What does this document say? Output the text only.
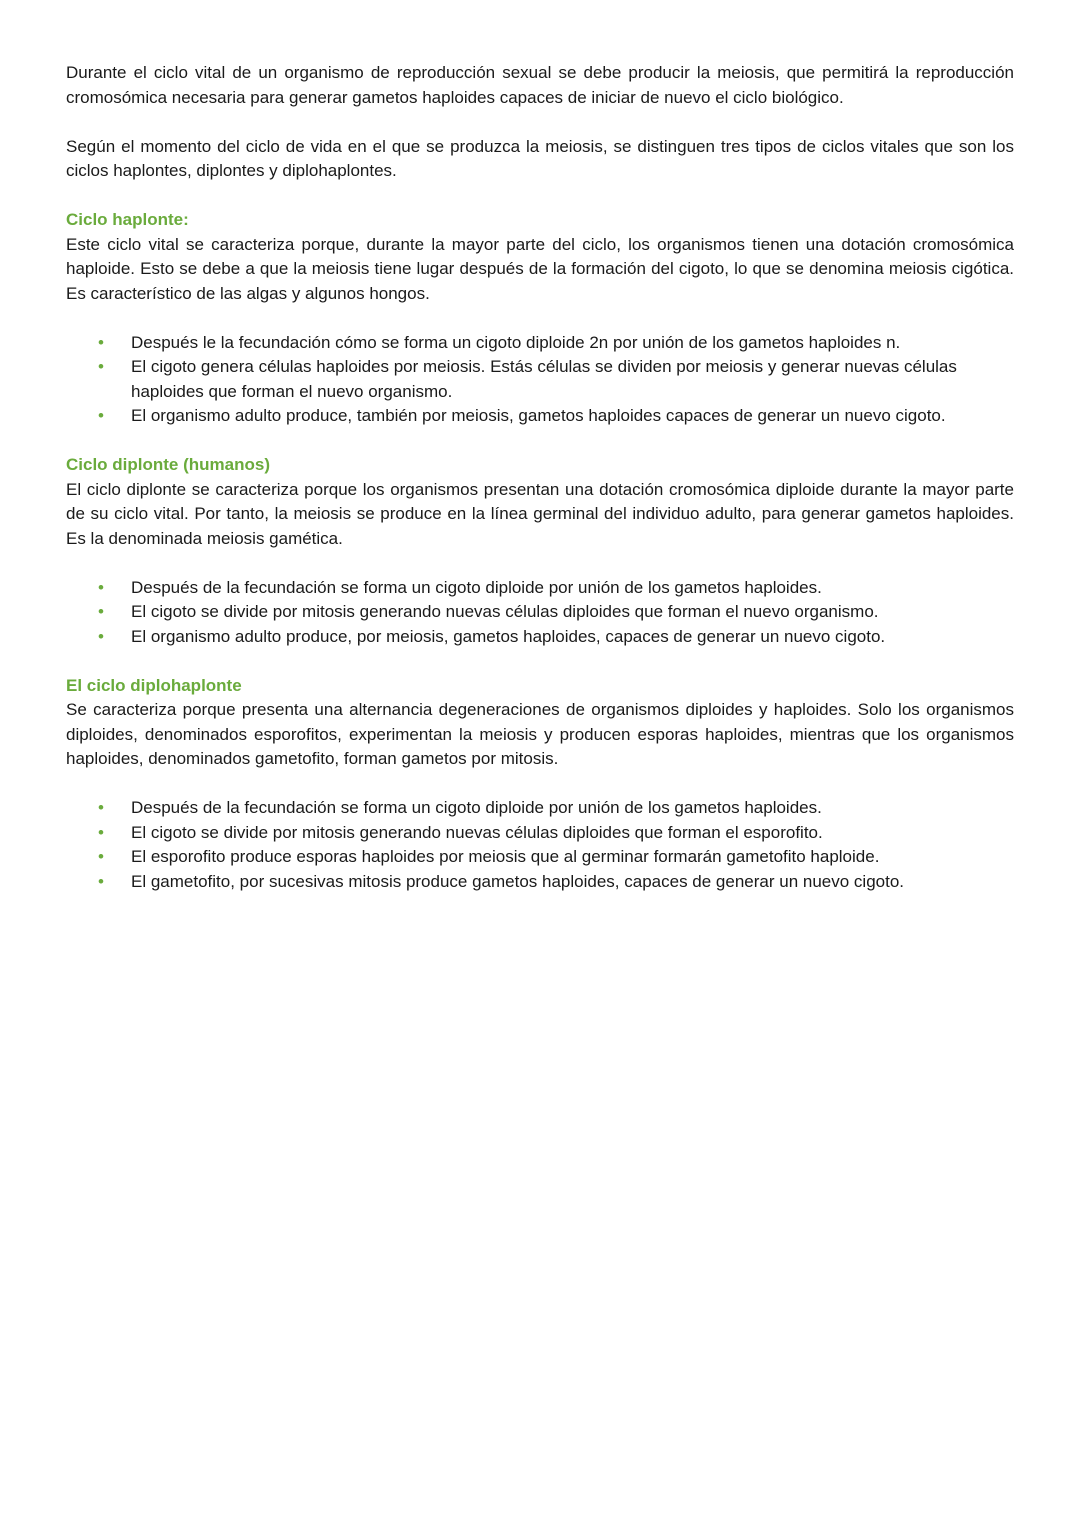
Durante el ciclo vital de un organismo de reproducción sexual se debe producir la meiosis, que permitirá la reproducción cromosómica necesaria para generar gametos haploides capaces de iniciar de nuevo el ciclo biológico.

Según el momento del ciclo de vida en el que se produzca la meiosis, se distinguen tres tipos de ciclos vitales que son los ciclos haplontes, diplontes y diplohaplontes.

Ciclo haplonte:

Este ciclo vital se caracteriza porque, durante la mayor parte del ciclo, los organismos tienen una dotación cromosómica haploide. Esto se debe a que la meiosis tiene lugar después de la formación del cigoto, lo que se denomina meiosis cigótica. Es característico de las algas y algunos hongos.

• Después le la fecundación cómo se forma un cigoto diploide 2n por unión de los gametos haploides n.
• El cigoto genera células haploides por meiosis. Estás células se dividen por meiosis y generar nuevas células haploides que forman el nuevo organismo.
• El organismo adulto produce, también por meiosis, gametos haploides capaces de generar un nuevo cigoto.
Ciclo diplonte (humanos)

El ciclo diplonte se caracteriza porque los organismos presentan una dotación cromosómica diploide durante la mayor parte de su ciclo vital. Por tanto, la meiosis se produce en la línea germinal del individuo adulto, para generar gametos haploides. Es la denominada meiosis gamética.

• Después de la fecundación se forma un cigoto diploide por unión de los gametos haploides.
• El cigoto se divide por mitosis generando nuevas células diploides que forman el nuevo organismo.
• El organismo adulto produce, por meiosis, gametos haploides, capaces de generar un nuevo cigoto.
El ciclo diplohaplonte

Se caracteriza porque presenta una alternancia degeneraciones de organismos diploides y haploides. Solo los organismos diploides, denominados esporofitos, experimentan la meiosis y producen esporas haploides, mientras que los organismos haploides, denominados gametofito, forman gametos por mitosis.

• Después de la fecundación se forma un cigoto diploide por unión de los gametos haploides.
• El cigoto se divide por mitosis generando nuevas células diploides que forman el esporofito.
• El esporofito produce esporas haploides por meiosis que al germinar formarán gametofito haploide.
• El gametofito, por sucesivas mitosis produce gametos haploides, capaces de generar un nuevo cigoto.
